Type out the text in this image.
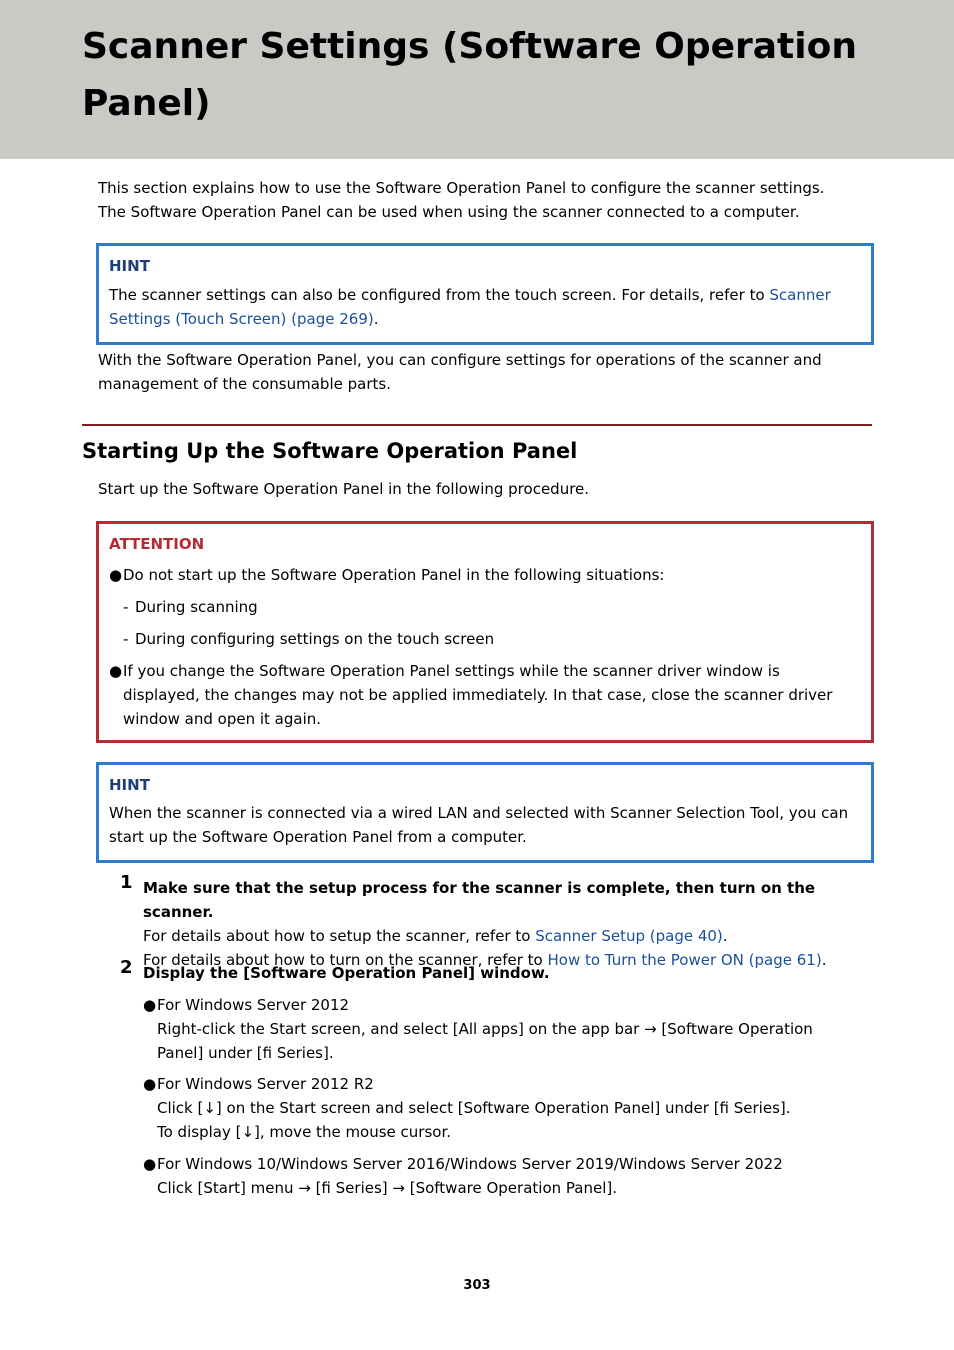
Scanner Settings (Software Operation Panel)

This section explains how to use the Software Operation Panel to configure the scanner settings.
The Software Operation Panel can be used when using the scanner connected to a computer.

HINT
The scanner settings can also be configured from the touch screen. For details, refer to Scanner Settings (Touch Screen) (page 269).

With the Software Operation Panel, you can configure settings for operations of the scanner and management of the consumable parts.

Starting Up the Software Operation Panel

Start up the Software Operation Panel in the following procedure.

ATTENTION
● Do not start up the Software Operation Panel in the following situations:
- During scanning
- During configuring settings on the touch screen
● If you change the Software Operation Panel settings while the scanner driver window is displayed, the changes may not be applied immediately. In that case, close the scanner driver window and open it again.
HINT
When the scanner is connected via a wired LAN and selected with Scanner Selection Tool, you can start up the Software Operation Panel from a computer.
1 Make sure that the setup process for the scanner is complete, then turn on the scanner.
For details about how to setup the scanner, refer to Scanner Setup (page 40).
For details about how to turn on the scanner, refer to How to Turn the Power ON (page 61).
2 Display the [Software Operation Panel] window.
● For Windows Server 2012
Right-click the Start screen, and select [All apps] on the app bar → [Software Operation Panel] under [fi Series].
● For Windows Server 2012 R2
Click [↓] on the Start screen and select [Software Operation Panel] under [fi Series].
To display [↓], move the mouse cursor.
● For Windows 10/Windows Server 2016/Windows Server 2019/Windows Server 2022
Click [Start] menu → [fi Series] → [Software Operation Panel].
303
